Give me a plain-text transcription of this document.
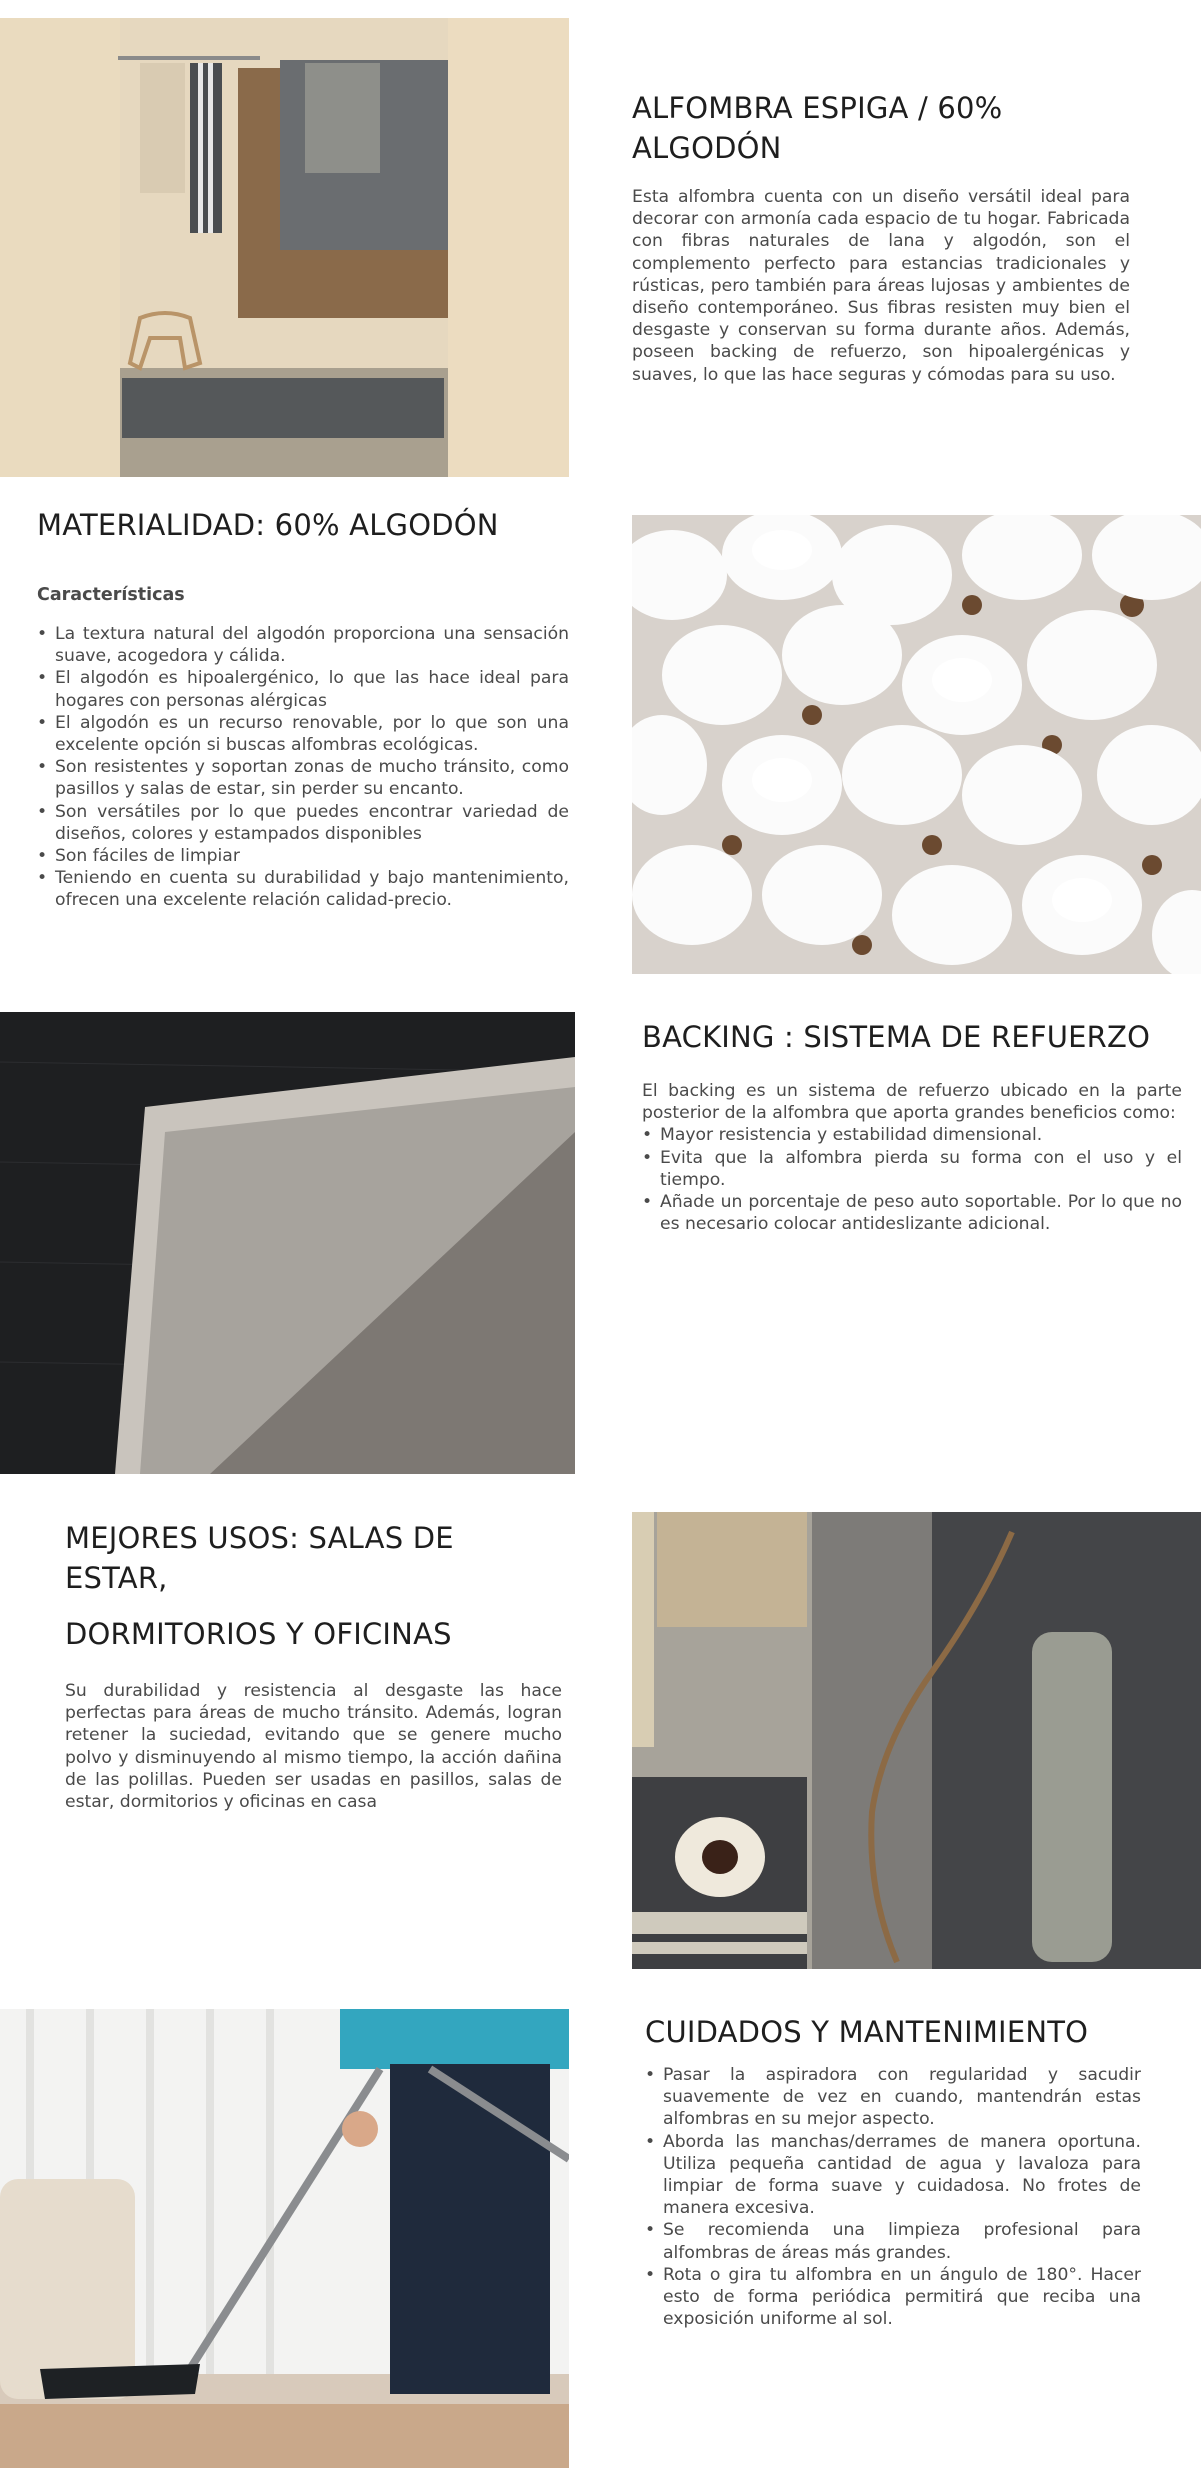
ALFOMBRA ESPIGA / 60% ALGODÓN

Esta alfombra cuenta con un diseño versátil ideal para decorar con armonía cada espacio de tu hogar. Fabricada con fibras naturales de lana y algodón, son el complemento perfecto para estancias tradicionales y rústicas, pero también para áreas lujosas y ambientes de diseño contemporáneo. Sus fibras resisten muy bien el desgaste y conservan su forma durante años. Además, poseen backing de refuerzo, son hipoalergénicas y suaves, lo que las hace seguras y cómodas para su uso.

MATERIALIDAD: 60% ALGODÓN
Características
• La textura natural del algodón proporciona una sensación suave, acogedora y cálida.
• El algodón es hipoalergénico, lo que las hace ideal para hogares con personas alérgicas
• El algodón es un recurso renovable, por lo que son una excelente opción si buscas alfombras ecológicas.
• Son resistentes y soportan zonas de mucho tránsito, como pasillos y salas de estar, sin perder su encanto.
• Son versátiles por lo que puedes encontrar variedad de diseños, colores y estampados disponibles
• Son fáciles de limpiar
• Teniendo en cuenta su durabilidad y bajo mantenimiento, ofrecen una excelente relación calidad-precio.
BACKING : SISTEMA DE REFUERZO

El backing es un sistema de refuerzo ubicado en la parte posterior de la alfombra que aporta grandes beneficios como:

• Mayor resistencia y estabilidad dimensional.
• Evita que la alfombra pierda su forma con el uso y el tiempo.
• Añade un porcentaje de peso auto soportable. Por lo que no es necesario colocar antideslizante adicional.
MEJORES USOS: SALAS DE ESTAR,
DORMITORIOS Y OFICINAS

Su durabilidad y resistencia al desgaste las hace perfectas para áreas de mucho tránsito. Además, logran retener la suciedad, evitando que se genere mucho polvo y disminuyendo al mismo tiempo, la acción dañina de las polillas. Pueden ser usadas en pasillos, salas de estar, dormitorios y oficinas en casa

CUIDADOS Y MANTENIMIENTO
• Pasar la aspiradora con regularidad y sacudir suavemente de vez en cuando, mantendrán estas alfombras en su mejor aspecto.
• Aborda las manchas/derrames de manera oportuna. Utiliza pequeña cantidad de agua y lavaloza para limpiar de forma suave y cuidadosa. No frotes de manera excesiva.
• Se recomienda una limpieza profesional para alfombras de áreas más grandes.
• Rota o gira tu alfombra en un ángulo de 180°. Hacer esto de forma periódica permitirá que reciba una exposición uniforme al sol.
